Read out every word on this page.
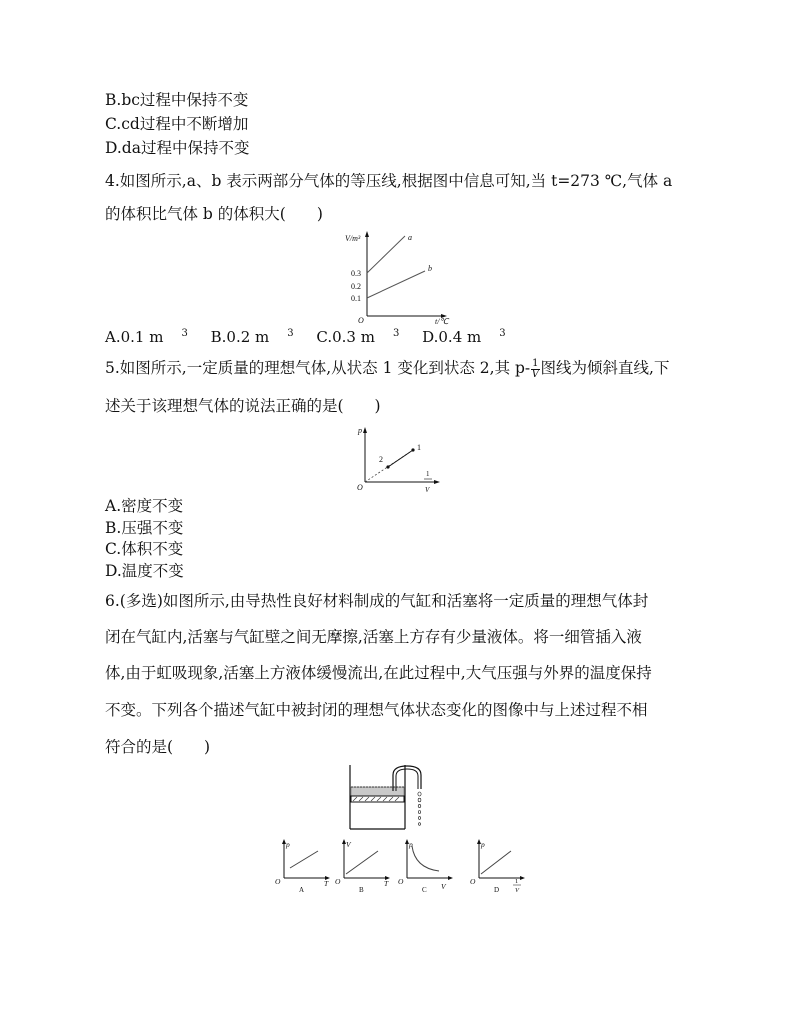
B.bc过程中保持不变
C.cd过程中不断增加
D.da过程中保持不变
4.如图所示,a、b 表示两部分气体的等压线,根据图中信息可知,当 t=273 ℃,气体 a
的体积比气体 b 的体积大(　　)
V/m³
t/℃
O
0.3
0.2
0.1
a
b
A.0.1 m $^3$ B.0.2 m $^3$ C.0.3 m $^3$ D.0.4 m $^3$
5.如图所示,一定质量的理想气体,从状态 1 变化到状态 2,其 $p- \frac{1}{V}$ 图线为倾斜直线,下
述关于该理想气体的说法正确的是(　　)
p
O
2
1
1
V
A.密度不变
B.压强不变
C.体积不变
D.温度不变
6.(多选)如图所示,由导热性良好材料制成的气缸和活塞将一定质量的理想气体封
闭在气缸内,活塞与气缸壁之间无摩擦,活塞上方存有少量液体。将一细管插入液
体,由于虹吸现象,活塞上方液体缓慢流出,在此过程中,大气压强与外界的温度保持
不变。下列各个描述气缸中被封闭的理想气体状态变化的图像中与上述过程不相
符合的是(　　)
p
T
O
A
V
T
O
B
p
V
O
C
p
O	1
V
D
